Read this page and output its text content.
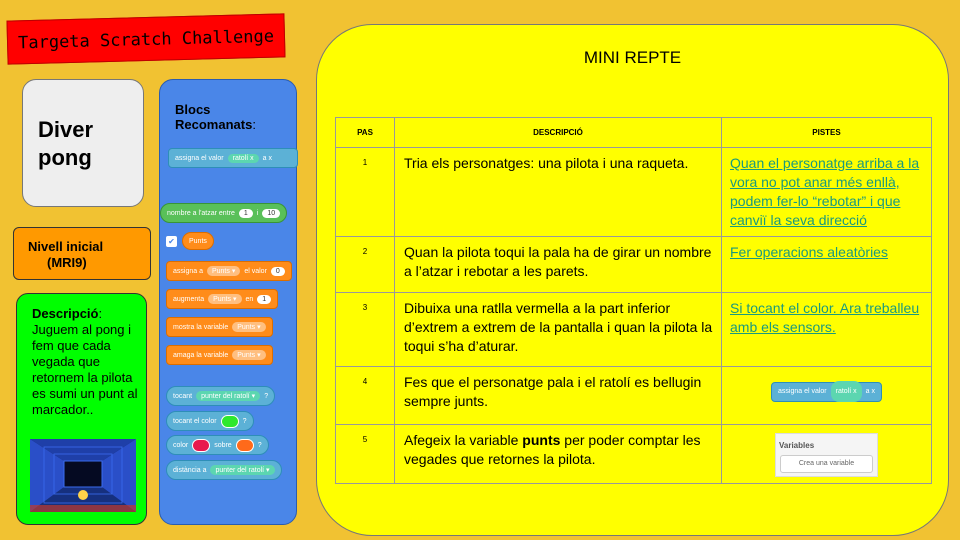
Targeta Scratch Challenge
Diver
pong
Nivell inicial
(MRI9)
Descripció: Juguem al pong i fem que cada vegada que retornem la pilota es sumi un punt al marcador..
Blocs
Recomanats:
assigna el valor	ratolí x	a x
nombre a l'atzar entre	1	i	10
✔	Punts
assigna a	Punts ▾	el valor	0
augmenta	Punts ▾	en	1
mostra la variable	Punts ▾
amaga la variable	Punts ▾
tocant	punter del ratolí ▾	?
tocant el color	?
color	sobre	?
distància a	punter del ratolí ▾
MINI REPTE
PAS	DESCRIPCIÓ	PISTES
1	Tria els personatges: una pilota i una raqueta.	Quan el personatge arriba a la vora no pot anar més enllà, podem fer-lo “rebotar” i que canviï la seva direcció
2	Quan la pilota toqui la pala ha de girar un nombre a l’atzar i rebotar a les parets.	Fer operacions aleatòries
3	Dibuixa una ratlla vermella a la part inferior d’extrem a extrem de la pantalla i quan la pilota la toqui s’ha d’aturar.	Si tocant el color. Ara treballeu amb els sensors.
4	Fes que el personatge pala i el ratolí es bellugin sempre junts.	assigna el valor ratolí x a x

5	Afegeix la variable punts per poder comptar les vegades que retornes la pilota.	Variables
Crea una variable
